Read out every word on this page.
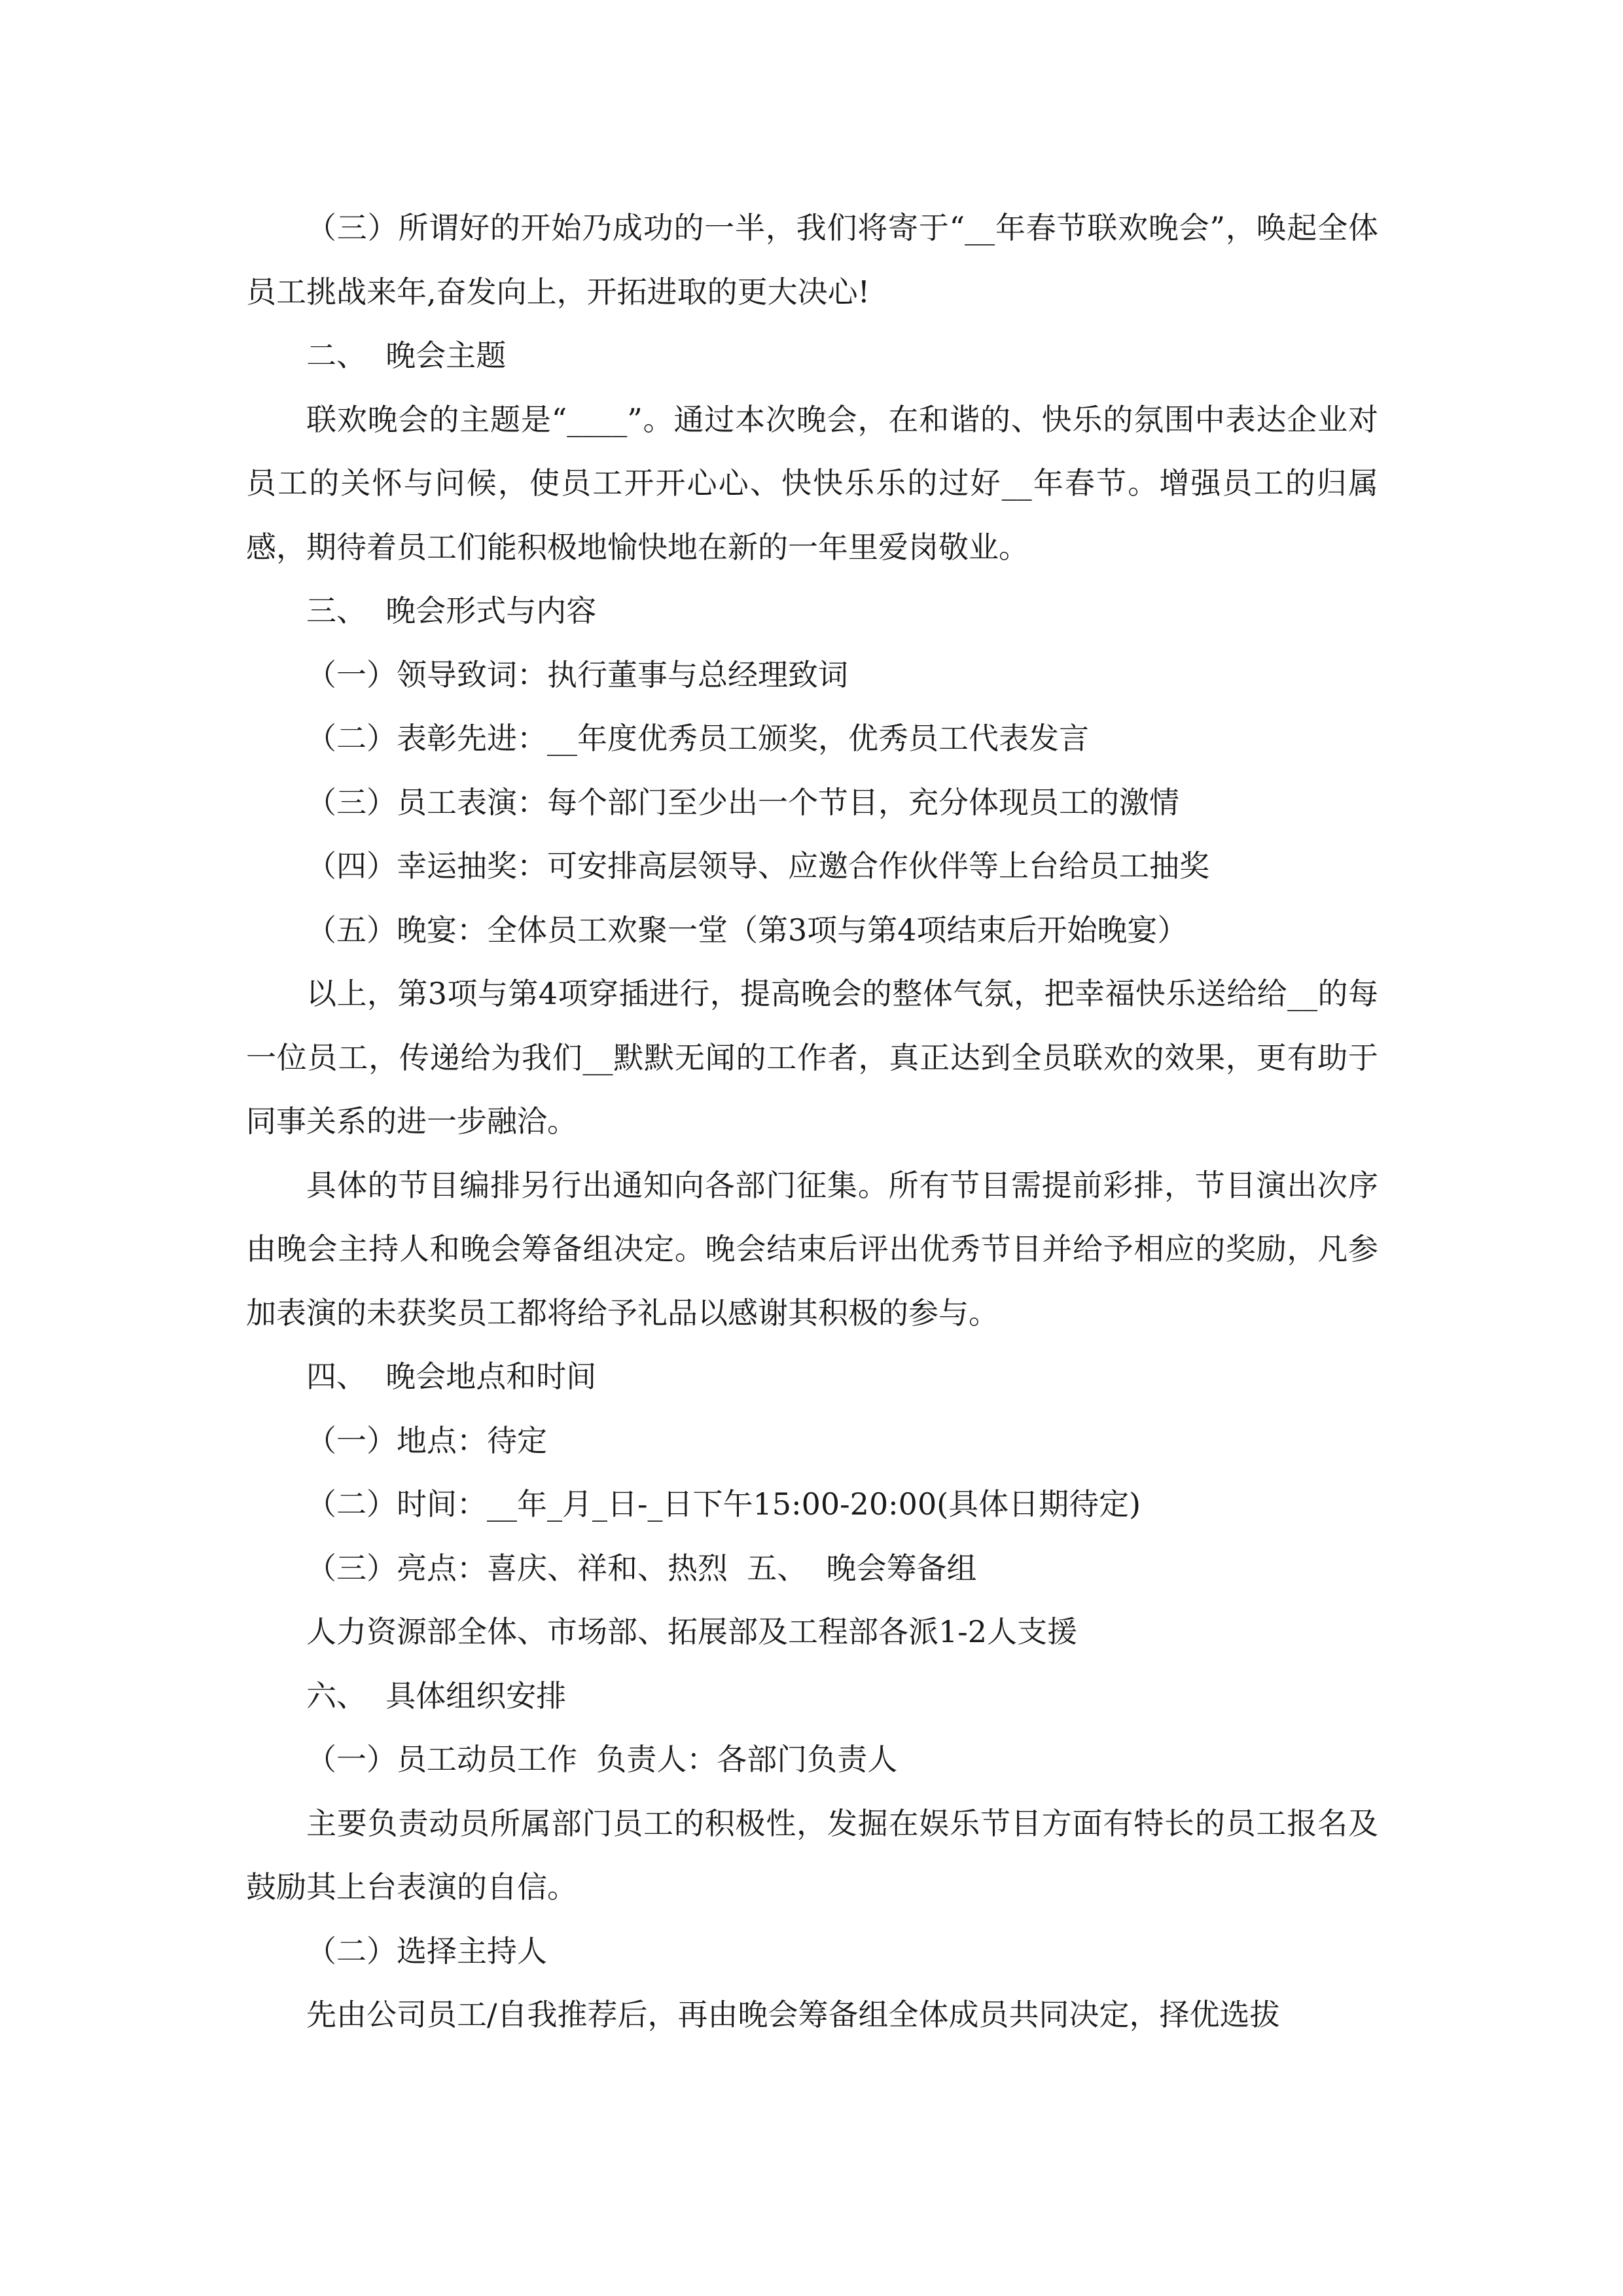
（三）所谓好的开始乃成功的一半，我们将寄于“__年春节联欢晚会”，唤起全体员工挑战来年,奋发向上，开拓进取的更大决心!

二、  晚会主题

联欢晚会的主题是“____”。通过本次晚会，在和谐的、快乐的氛围中表达企业对员工的关怀与问候，使员工开开心心、快快乐乐的过好__年春节。增强员工的归属感，期待着员工们能积极地愉快地在新的一年里爱岗敬业。

三、  晚会形式与内容

（一）领导致词：执行董事与总经理致词

（二）表彰先进：__年度优秀员工颁奖，优秀员工代表发言

（三）员工表演：每个部门至少出一个节目，充分体现员工的激情

（四）幸运抽奖：可安排高层领导、应邀合作伙伴等上台给员工抽奖

（五）晚宴：全体员工欢聚一堂（第3项与第4项结束后开始晚宴）

以上，第3项与第4项穿插进行，提高晚会的整体气氛，把幸福快乐送给给__的每一位员工，传递给为我们__默默无闻的工作者，真正达到全员联欢的效果，更有助于同事关系的进一步融洽。

具体的节目编排另行出通知向各部门征集。所有节目需提前彩排，节目演出次序由晚会主持人和晚会筹备组决定。晚会结束后评出优秀节目并给予相应的奖励，凡参加表演的未获奖员工都将给予礼品以感谢其积极的参与。

四、  晚会地点和时间

（一）地点：待定

（二）时间：__年_月_日-_日下午15:00-20:00(具体日期待定)

（三）亮点：喜庆、祥和、热烈  五、  晚会筹备组

人力资源部全体、市场部、拓展部及工程部各派1-2人支援

六、  具体组织安排

（一）员工动员工作  负责人：各部门负责人

主要负责动员所属部门员工的积极性，发掘在娱乐节目方面有特长的员工报名及鼓励其上台表演的自信。

（二）选择主持人

先由公司员工/自我推荐后，再由晚会筹备组全体成员共同决定，择优选拔
